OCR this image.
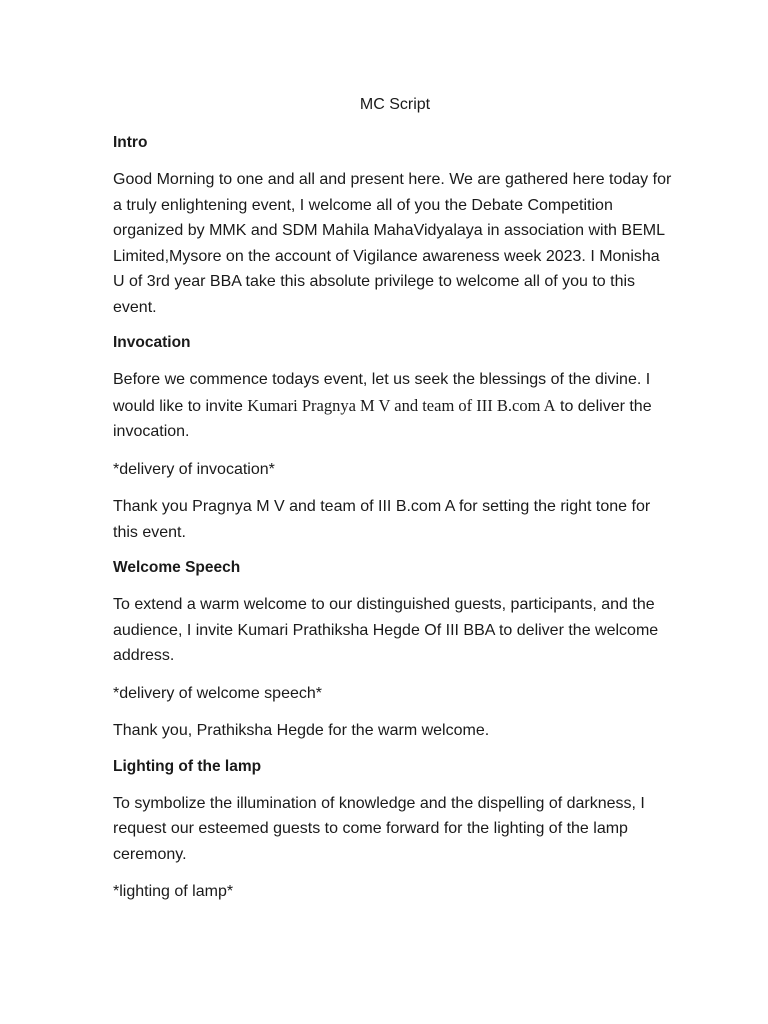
MC Script
Intro

Good Morning to one and all and present here. We are gathered here today for a truly enlightening event, I welcome all of you the Debate Competition organized by MMK and SDM Mahila MahaVidyalaya in association with BEML Limited,Mysore on the account of Vigilance awareness week 2023. I Monisha U of 3rd year BBA take this absolute privilege to welcome all of you to this event.

Invocation

Before we commence todays event, let us seek the blessings of the divine. I would like to invite Kumari Pragnya M V and team of III B.com A to deliver the invocation.

*delivery of invocation*

Thank you Pragnya M V and team of III B.com A for setting the right tone for this event.

Welcome Speech

To extend a warm welcome to our distinguished guests, participants, and the audience, I invite Kumari Prathiksha Hegde Of III BBA to deliver the welcome address.

*delivery of welcome speech*

Thank you, Prathiksha Hegde for the warm welcome.

Lighting of the lamp

To symbolize the illumination of knowledge and the dispelling of darkness, I request our esteemed guests to come forward for the lighting of the lamp ceremony.

*lighting of lamp*
